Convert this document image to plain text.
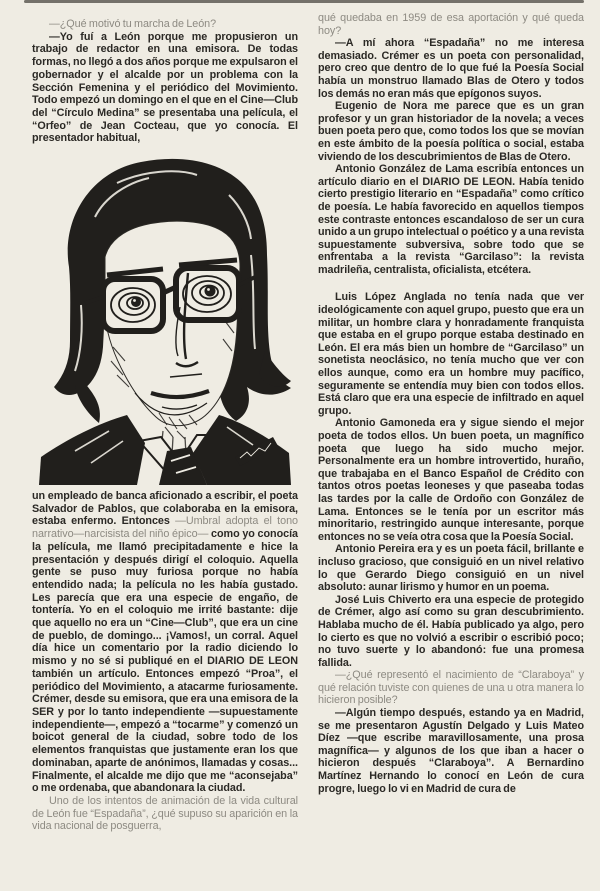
—¿Qué motivó tu marcha de León?

—Yo fuí a León porque me propusieron un trabajo de redactor en una emisora. De todas formas, no llegó a dos años porque me expulsaron el gobernador y el alcalde por un problema con la Sección Femenina y el periódico del Movimiento. Todo empezó un domingo en el que en el Cine—Club del “Círculo Medina” se presentaba una película, el “Orfeo” de Jean Cocteau, que yo conocía. El presentador habitual,

un empleado de banca aficionado a escribir, el poeta Salvador de Pablos, que colaboraba en la emisora, estaba enfermo. Entonces —Umbral adopta el tono narrativo—narcisista del niño épico— como yo conocía la película, me llamó precipitadamente e hice la presentación y después dirigí el coloquio. Aquella gente se puso muy furiosa porque no había entendido nada; la película no les había gustado. Les parecía que era una especie de engaño, de tontería. Yo en el coloquio me irrité bastante: dije que aquello no era un “Cine—Club”, que era un cine de pueblo, de domingo... ¡Vamos!, un corral. Aquel día hice un comentario por la radio diciendo lo mismo y no sé si publiqué en el DIARIO DE LEON también un artículo. Entonces empezó “Proa”, el periódico del Movimiento, a atacarme furiosamente. Crémer, desde su emisora, que era una emisora de la SER y por lo tanto independiente —supuestamente independiente—, empezó a “tocarme” y comenzó un boicot general de la ciudad, sobre todo de los elementos franquistas que justamente eran los que dominaban, aparte de anónimos, llamadas y cosas... Finalmente, el alcalde me dijo que me “aconsejaba” o me ordenaba, que abandonara la ciudad.

Uno de los intentos de animación de la vida cultural de León fue “Espadaña”, ¿qué supuso su aparición en la vida nacional de posguerra,

qué quedaba en 1959 de esa aportación y qué queda hoy?

—A mí ahora “Espadaña” no me interesa demasiado. Crémer es un poeta con personalidad, pero creo que dentro de lo que fué la Poesía Social había un monstruo llamado Blas de Otero y todos los demás no eran más que epígonos suyos.

Eugenio de Nora me parece que es un gran profesor y un gran historiador de la novela; a veces buen poeta pero que, como todos los que se movían en este ámbito de la poesía política o social, estaba viviendo de los descubrimientos de Blas de Otero.

Antonio González de Lama escribía entonces un artículo diario en el DIARIO DE LEON. Había tenido cierto prestigio literario en “Espadaña” como crítico de poesía. Le había favorecido en aquellos tiempos este contraste entonces escandaloso de ser un cura unido a un grupo intelectual o poético y a una revista supuestamente subversiva, sobre todo que se enfrentaba a la revista “Garcilaso”: la revista madrileña, centralista, oficialista, etcétera.

Luis López Anglada no tenía nada que ver ideológicamente con aquel grupo, puesto que era un militar, un hombre clara y honradamente franquista que estaba en el grupo porque estaba destinado en León. El era más bien un hombre de “Garcilaso” un sonetista neoclásico, no tenía mucho que ver con ellos aunque, como era un hombre muy pacífico, seguramente se entendía muy bien con todos ellos. Está claro que era una especie de infiltrado en aquel grupo.

Antonio Gamoneda era y sigue siendo el mejor poeta de todos ellos. Un buen poeta, un magnífico poeta que luego ha sido mucho mejor. Personalmente era un hombre introvertido, huraño, que trabajaba en el Banco Español de Crédito con tantos otros poetas leoneses y que paseaba todas las tardes por la calle de Ordoño con González de Lama. Entonces se le tenía por un escritor más minoritario, restringido aunque interesante, porque entonces no se veía otra cosa que la Poesía Social.

Antonio Pereira era y es un poeta fácil, brillante e incluso gracioso, que consiguió en un nivel relativo lo que Gerardo Diego consiguió en un nivel absoluto: aunar lirismo y humor en un poema.

José Luis Chiverto era una especie de protegido de Crémer, algo así como su gran descubrimiento. Hablaba mucho de él. Había publicado ya algo, pero lo cierto es que no volvió a escribir o escribió poco; no tuvo suerte y lo abandonó: fue una promesa fallida.

—¿Qué representó el nacimiento de “Claraboya” y qué relación tuviste con quienes de una u otra manera lo hicieron posible?

—Algún tiempo después, estando ya en Madrid, se me presentaron Agustín Delgado y Luis Mateo Díez —que escribe maravillosamente, una prosa magnífica— y algunos de los que iban a hacer o hicieron después “Claraboya”. A Bernardino Martínez Hernando lo conocí en León de cura progre, luego lo vi en Madrid de cura de
